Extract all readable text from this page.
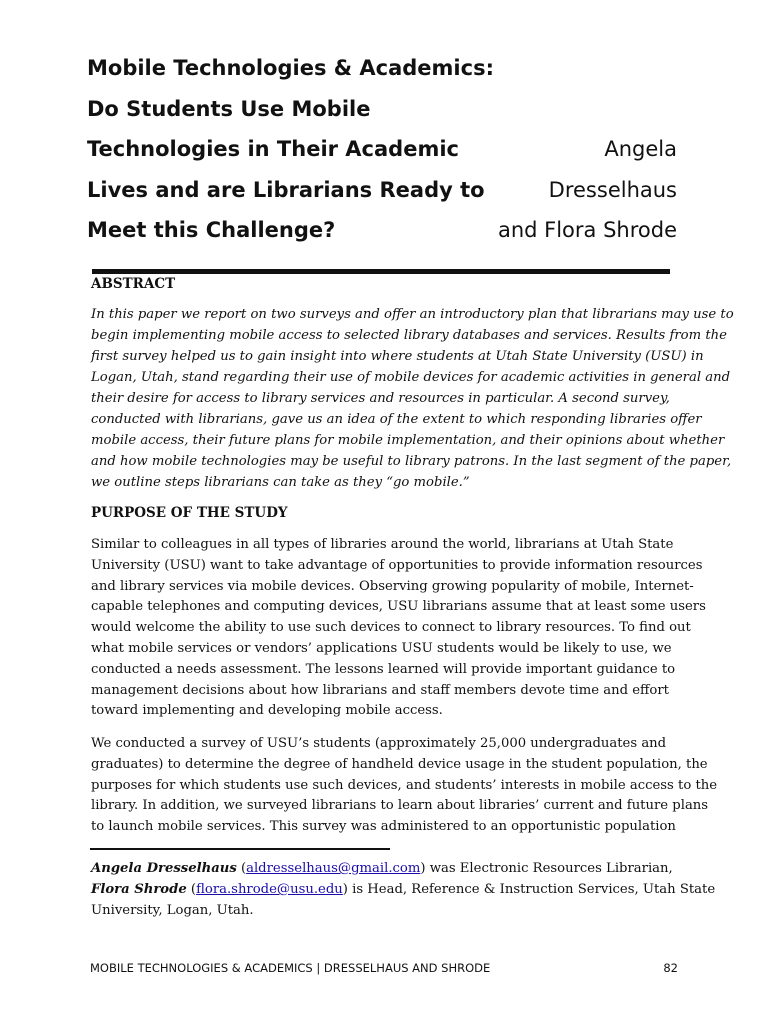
Mobile Technologies & Academics:
Do Students Use Mobile
Technologies in Their Academic	Angela
Lives and are Librarians Ready to	Dresselhaus
Meet this Challenge?	and Flora Shrode
ABSTRACT
In this paper we report on two surveys and offer an introductory plan that librarians may use to
begin implementing mobile access to selected library databases and services. Results from the
first survey helped us to gain insight into where students at Utah State University (USU) in
Logan, Utah, stand regarding their use of mobile devices for academic activities in general and
their desire for access to library services and resources in particular. A second survey,
conducted with librarians, gave us an idea of the extent to which responding libraries offer
mobile access, their future plans for mobile implementation, and their opinions about whether
and how mobile technologies may be useful to library patrons. In the last segment of the paper,
we outline steps librarians can take as they “go mobile.”
PURPOSE OF THE STUDY
Similar to colleagues in all types of libraries around the world, librarians at Utah State
University (USU) want to take advantage of opportunities to provide information resources
and library services via mobile devices. Observing growing popularity of mobile, Internet-
capable telephones and computing devices, USU librarians assume that at least some users
would welcome the ability to use such devices to connect to library resources. To find out
what mobile services or vendors’ applications USU students would be likely to use, we
conducted a needs assessment. The lessons learned will provide important guidance to
management decisions about how librarians and staff members devote time and effort
toward implementing and developing mobile access.
We conducted a survey of USU’s students (approximately 25,000 undergraduates and
graduates) to determine the degree of handheld device usage in the student population, the
purposes for which students use such devices, and students’ interests in mobile access to the
library. In addition, we surveyed librarians to learn about libraries’ current and future plans
to launch mobile services. This survey was administered to an opportunistic population
Angela Dresselhaus (aldresselhaus@gmail.com) was Electronic Resources Librarian,
Flora Shrode (flora.shrode@usu.edu) is Head, Reference & Instruction Services, Utah State
University, Logan, Utah.
MOBILE TECHNOLOGIES & ACADEMICS | DRESSELHAUS AND SHRODE	82
